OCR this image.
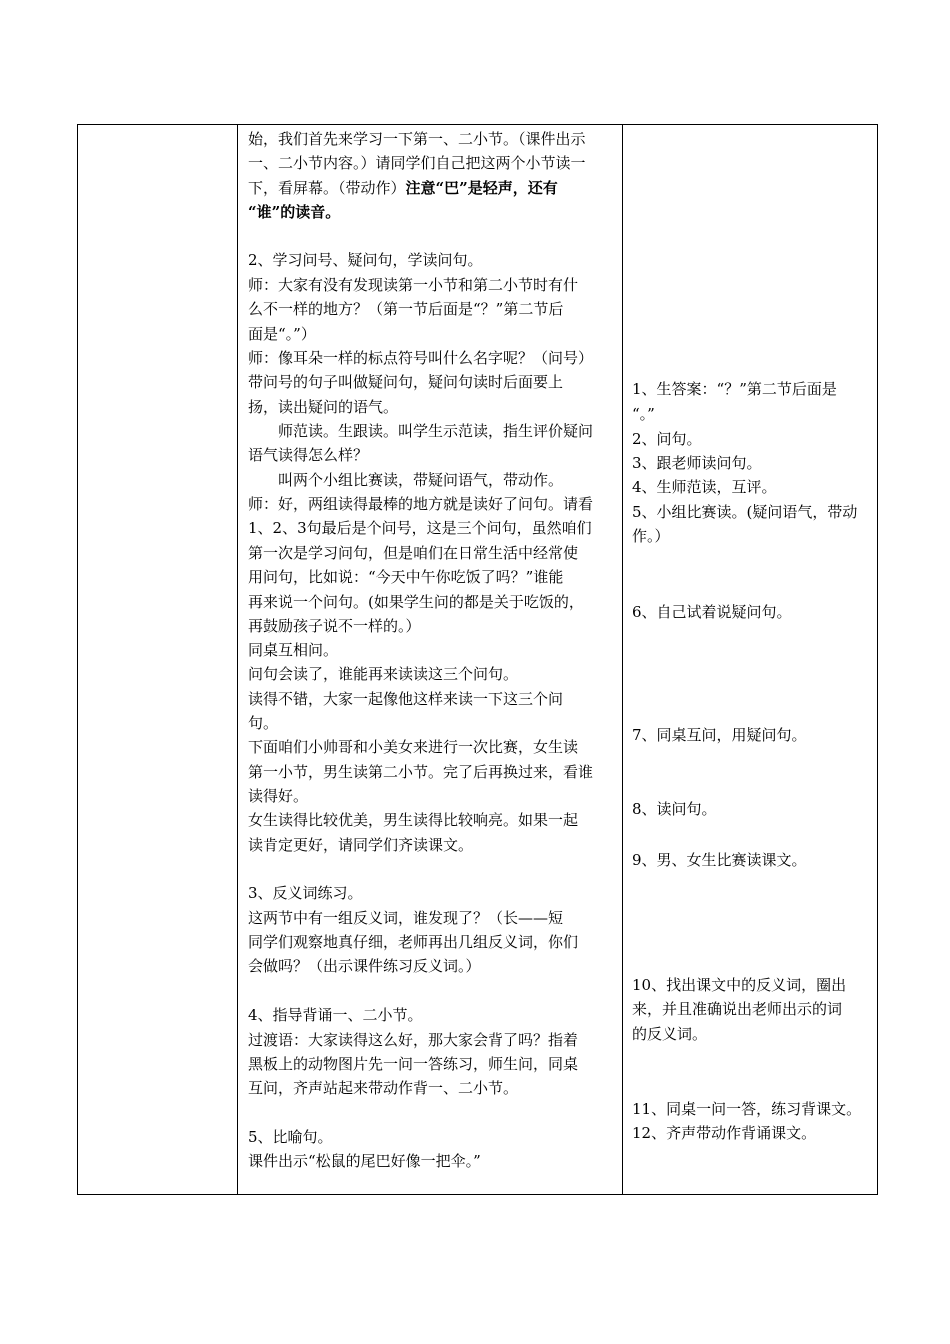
始，我们首先来学习一下第一、二小节。（课件出示
一、二小节内容。）请同学们自己把这两个小节读一
下，看屏幕。（带动作）注意“巴”是轻声，还有
“谁”的读音。
2、学习问号、疑问句，学读问句。
师：大家有没有发现读第一小节和第二小节时有什
么不一样的地方？（第一节后面是“？”第二节后
面是“。”）
师：像耳朵一样的标点符号叫什么名字呢？（问号）
带问号的句子叫做疑问句，疑问句读时后面要上
扬，读出疑问的语气。
　　师范读。生跟读。叫学生示范读，指生评价疑问
语气读得怎么样？
　　叫两个小组比赛读，带疑问语气，带动作。
师：好，两组读得最棒的地方就是读好了问句。请看
1、2、3句最后是个问号，这是三个问句，虽然咱们
第一次是学习问句，但是咱们在日常生活中经常使
用问句，比如说：“今天中午你吃饭了吗？”谁能
再来说一个问句。(如果学生问的都是关于吃饭的，
再鼓励孩子说不一样的。）
同桌互相问。
问句会读了，谁能再来读读这三个问句。
读得不错，大家一起像他这样来读一下这三个问
句。
下面咱们小帅哥和小美女来进行一次比赛，女生读
第一小节，男生读第二小节。完了后再换过来，看谁
读得好。
女生读得比较优美，男生读得比较响亮。如果一起
读肯定更好，请同学们齐读课文。
3、反义词练习。
这两节中有一组反义词，谁发现了？（长——短
同学们观察地真仔细，老师再出几组反义词，你们
会做吗？（出示课件练习反义词。）
4、指导背诵一、二小节。
过渡语：大家读得这么好，那大家会背了吗？指着
黑板上的动物图片先一问一答练习，师生问，同桌
互问，齐声站起来带动作背一、二小节。
5、比喻句。
课件出示“松鼠的尾巴好像一把伞。”
1、生答案：“？”第二节后面是
“。”
2、问句。
3、跟老师读问句。
4、生师范读，互评。
5、小组比赛读。(疑问语气，带动
作。）
6、自己试着说疑问句。
7、同桌互问，用疑问句。
8、读问句。
9、男、女生比赛读课文。
10、找出课文中的反义词，圈出
来，并且准确说出老师出示的词
的反义词。
11、同桌一问一答，练习背课文。
12、齐声带动作背诵课文。
